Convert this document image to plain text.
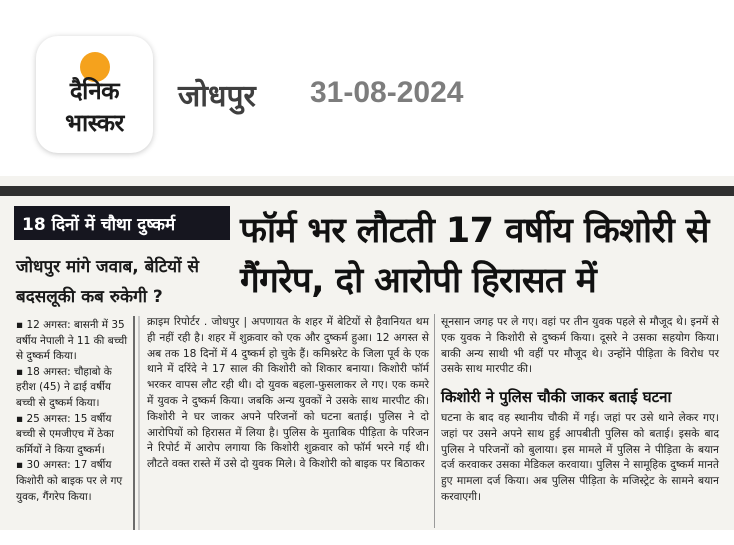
दैनिक
भास्कर
जोधपुर 31-08-2024
18 दिनों में चौथा दुष्कर्म
जोधपुर मांगे जवाब, बेटियों से बदसलूकी कब रुकेगी ?
▪ 12 अगस्त: बासनी में 35 वर्षीय नेपाली ने 11 की बच्ची से दुष्कर्म किया।
▪ 18 अगस्त: चौहाबो के हरीश (45) ने ढाई वर्षीय बच्ची से दुष्कर्म किया।
▪ 25 अगस्त: 15 वर्षीय बच्ची से एमजीएच में ठेका कर्मियों ने किया दुष्कर्म।
▪ 30 अगस्त: 17 वर्षीय किशोरी को बाइक पर ले गए युवक, गैंगरेप किया।
फॉर्म भर लौटती 17 वर्षीय किशोरी से गैंगरेप, दो आरोपी हिरासत में
क्राइम रिपोर्टर . जोधपुर | अपणायत के शहर में बेटियों से हैवानियत थम ही नहीं रही है। शहर में शुक्रवार को एक और दुष्कर्म हुआ। 12 अगस्त से अब तक 18 दिनों में 4 दुष्कर्म हो चुके हैं। कमिश्नरेट के जिला पूर्व के एक थाने में दरिंदे ने 17 साल की किशोरी को शिकार बनाया। किशोरी फॉर्म भरकर वापस लौट रही थी। दो युवक बहला-फुसलाकर ले गए। एक कमरे में युवक ने दुष्कर्म किया। जबकि अन्य युवकों ने उसके साथ मारपीट की। किशोरी ने घर जाकर अपने परिजनों को घटना बताई। पुलिस ने दो आरोपियों को हिरासत में लिया है। पुलिस के मुताबिक पीड़िता के परिजन ने रिपोर्ट में आरोप लगाया कि किशोरी शुक्रवार को फॉर्म भरने गई थी। लौटते वक्त रास्ते में उसे दो युवक मिले। वे किशोरी को बाइक पर बिठाकर
सूनसान जगह पर ले गए। वहां पर तीन युवक पहले से मौजूद थे। इनमें से एक युवक ने किशोरी से दुष्कर्म किया। दूसरे ने उसका सहयोग किया। बाकी अन्य साथी भी वहीं पर मौजूद थे। उन्होंने पीड़िता के विरोध पर उसके साथ मारपीट की।
किशोरी ने पुलिस चौकी जाकर बताई घटना
घटना के बाद वह स्थानीय चौकी में गई। जहां पर उसे थाने लेकर गए। जहां पर उसने अपने साथ हुई आपबीती पुलिस को बताई। इसके बाद पुलिस ने परिजनों को बुलाया। इस मामले में पुलिस ने पीड़िता के बयान दर्ज करवाकर उसका मेडिकल करवाया। पुलिस ने सामूहिक दुष्कर्म मानते हुए मामला दर्ज किया। अब पुलिस पीड़िता के मजिस्ट्रेट के सामने बयान करवाएगी।
